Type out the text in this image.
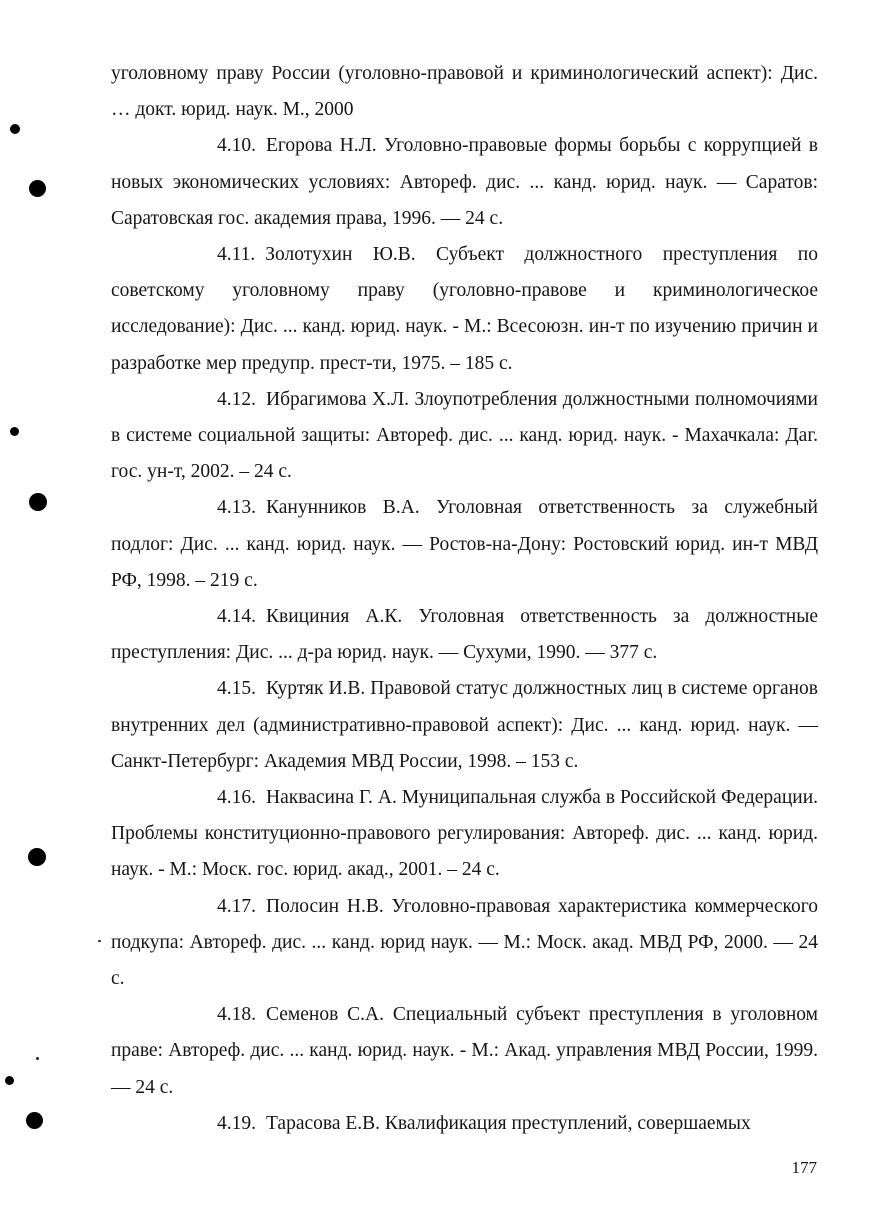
уголовному праву России (уголовно-правовой и криминологический аспект): Дис. … докт. юрид. наук. М., 2000

4.10. Егорова Н.Л. Уголовно-правовые формы борьбы с коррупцией в новых экономических условиях: Автореф. дис. ... канд. юрид. наук. — Саратов: Саратовская гос. академия права, 1996. — 24 с.

4.11. Золотухин Ю.В. Субъект должностного преступления по советскому уголовному праву (уголовно-правове и криминологическое исследование): Дис. ... канд. юрид. наук. - М.: Всесоюзн. ин-т по изучению причин и разработке мер предупр. прест-ти, 1975. – 185 с.

4.12. Ибрагимова Х.Л. Злоупотребления должностными полномочиями в системе социальной защиты: Автореф. дис. ... канд. юрид. наук. - Махачкала: Даг. гос. ун-т, 2002. – 24 с.

4.13. Канунников В.А. Уголовная ответственность за служебный подлог: Дис. ... канд. юрид. наук. — Ростов-на-Дону: Ростовский юрид. ин-т МВД РФ, 1998. – 219 с.

4.14. Квициния А.К. Уголовная ответственность за должностные преступления: Дис. ... д-ра юрид. наук. — Сухуми, 1990. — 377 с.

4.15. Куртяк И.В. Правовой статус должностных лиц в системе органов внутренних дел (административно-правовой аспект): Дис. ... канд. юрид. наук. — Санкт-Петербург: Академия МВД России, 1998. – 153 с.

4.16. Наквасина Г. А. Муниципальная служба в Российской Федерации. Проблемы конституционно-правового регулирования: Автореф. дис. ... канд. юрид. наук. - М.: Моск. гос. юрид. акад., 2001. – 24 с.

4.17. Полосин Н.В. Уголовно-правовая характеристика коммерческого подкупа: Автореф. дис. ... канд. юрид наук. — М.: Моск. акад. МВД РФ, 2000. — 24 с.

4.18. Семенов С.А. Специальный субъект преступления в уголовном праве: Автореф. дис. ... канд. юрид. наук. - М.: Акад. управления МВД России, 1999. — 24 с.

4.19. Тарасова Е.В. Квалификация преступлений, совершаемых

177
